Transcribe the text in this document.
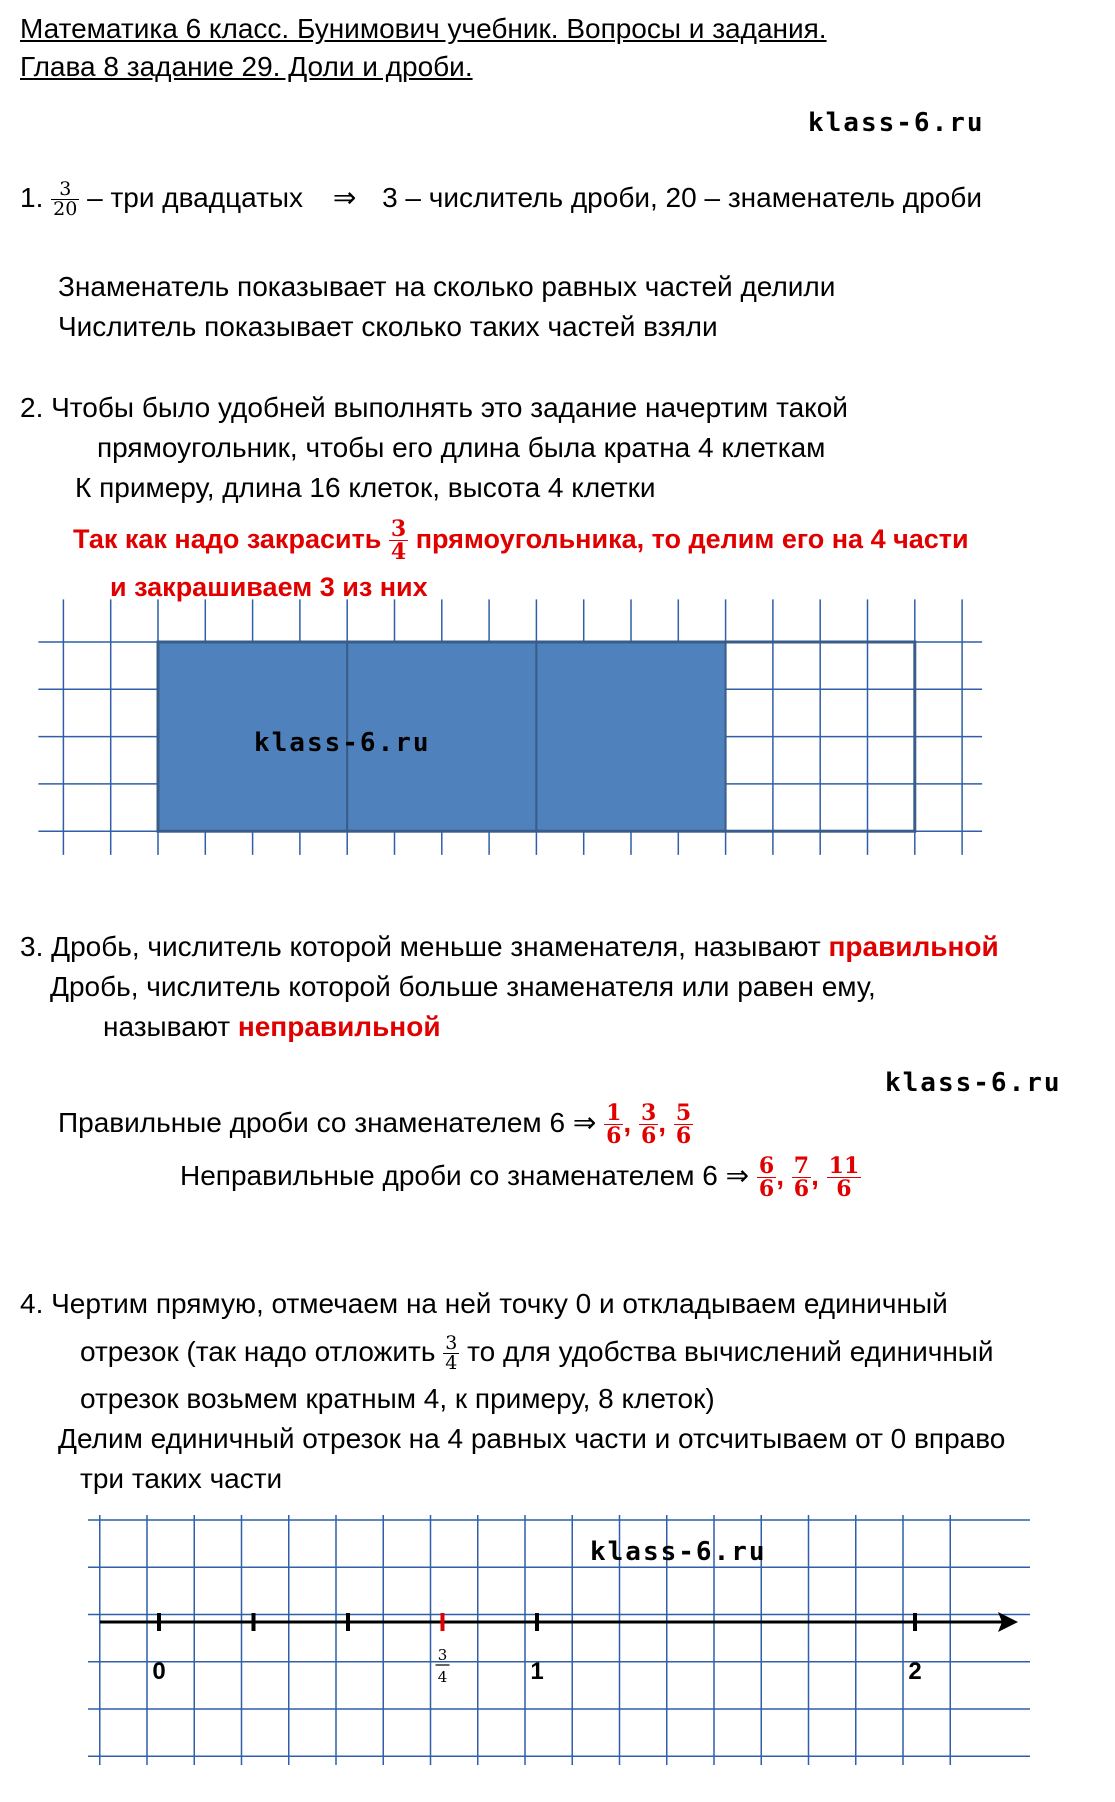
Математика 6 класс. Бунимович учебник. Вопросы и задания.
Глава 8 задание 29. Доли и дроби.
klass-6.ru
1. $\frac{3}{20}$ – три двадцатых ⇒ 3 – числитель дроби, 20 – знаменатель дроби
Знаменатель показывает на сколько равных частей делили
Числитель показывает сколько таких частей взяли
2. Чтобы было удобней выполнять это задание начертим такой
прямоугольник, чтобы его длина была кратна 4 клеткам
К примеру, длина 16 клеток, высота 4 клетки
Так как надо закрасить $\frac{3}{4}$ прямоугольника, то делим его на 4 части
и закрашиваем 3 из них
klass-6.ru
3. Дробь, числитель которой меньше знаменателя, называют правильной
Дробь, числитель которой больше знаменателя или равен ему,
называют неправильной
klass-6.ru
Правильные дроби со знаменателем 6 ⇒ $\frac{1}{6}$ , $\frac{3}{6}$ , $\frac{5}{6}$
Неправильные дроби со знаменателем 6 ⇒ $\frac{6}{6}$ , $\frac{7}{6}$ , $\frac{11}{6}$
4. Чертим прямую, отмечаем на ней точку 0 и откладываем единичный
отрезок (так надо отложить $\frac{3}{4}$ то для удобства вычислений единичный
отрезок возьмем кратным 4, к примеру, 8 клеток)
Делим единичный отрезок на 4 равных части и отсчитываем от 0 вправо
три таких части
0	1	2
3
4
klass-6.ru
